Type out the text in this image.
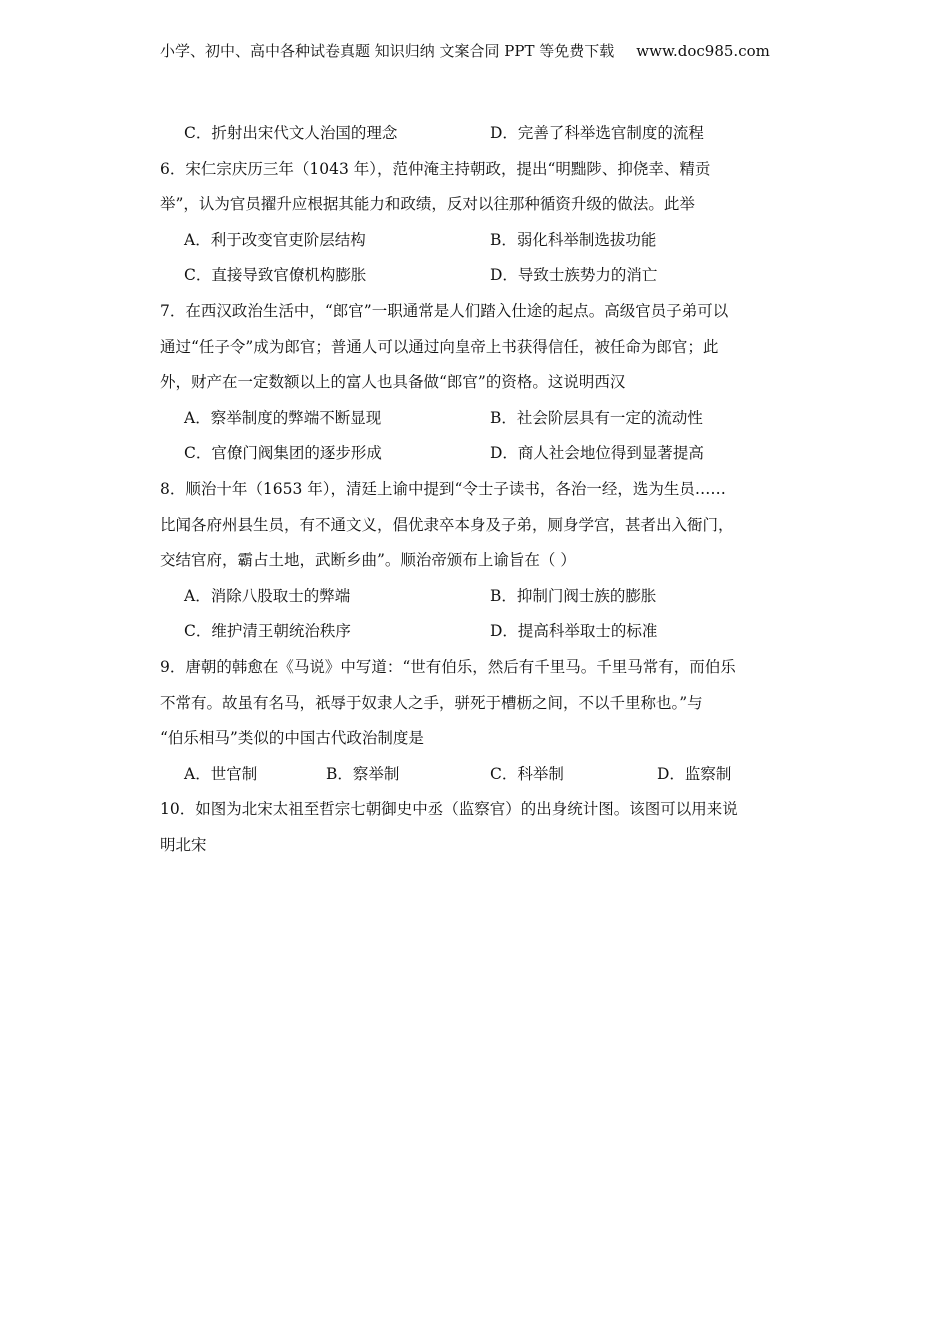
小学、初中、高中各种试卷真题 知识归纳 文案合同 PPT 等免费下载 www.doc985.com
C．折射出宋代文人治国的理念	D．完善了科举选官制度的流程
6．宋仁宗庆历三年（1043 年），范仲淹主持朝政，提出“明黜陟、抑侥幸、精贡
举”，认为官员擢升应根据其能力和政绩，反对以往那种循资升级的做法。此举
A．利于改变官吏阶层结构	B．弱化科举制选拔功能
C．直接导致官僚机构膨胀	D．导致士族势力的消亡
7．在西汉政治生活中，“郎官”一职通常是人们踏入仕途的起点。高级官员子弟可以
通过“任子令”成为郎官；普通人可以通过向皇帝上书获得信任，被任命为郎官；此
外，财产在一定数额以上的富人也具备做“郎官”的资格。这说明西汉
A．察举制度的弊端不断显现	B．社会阶层具有一定的流动性
C．官僚门阀集团的逐步形成	D．商人社会地位得到显著提高
8．顺治十年（1653 年），清廷上谕中提到“令士子读书，各治一经，选为生员……
比闻各府州县生员，有不通文义，倡优隶卒本身及子弟，厕身学宫，甚者出入衙门，
交结官府，霸占土地，武断乡曲”。顺治帝颁布上谕旨在（ ）
A．消除八股取士的弊端	B．抑制门阀士族的膨胀
C．维护清王朝统治秩序	D．提高科举取士的标准
9．唐朝的韩愈在《马说》中写道：“世有伯乐，然后有千里马。千里马常有，而伯乐
不常有。故虽有名马，祇辱于奴隶人之手，骈死于槽枥之间，不以千里称也。”与
“伯乐相马”类似的中国古代政治制度是
A．世官制	B．察举制	C．科举制	D．监察制
10．如图为北宋太祖至哲宗七朝御史中丞（监察官）的出身统计图。该图可以用来说
明北宋
